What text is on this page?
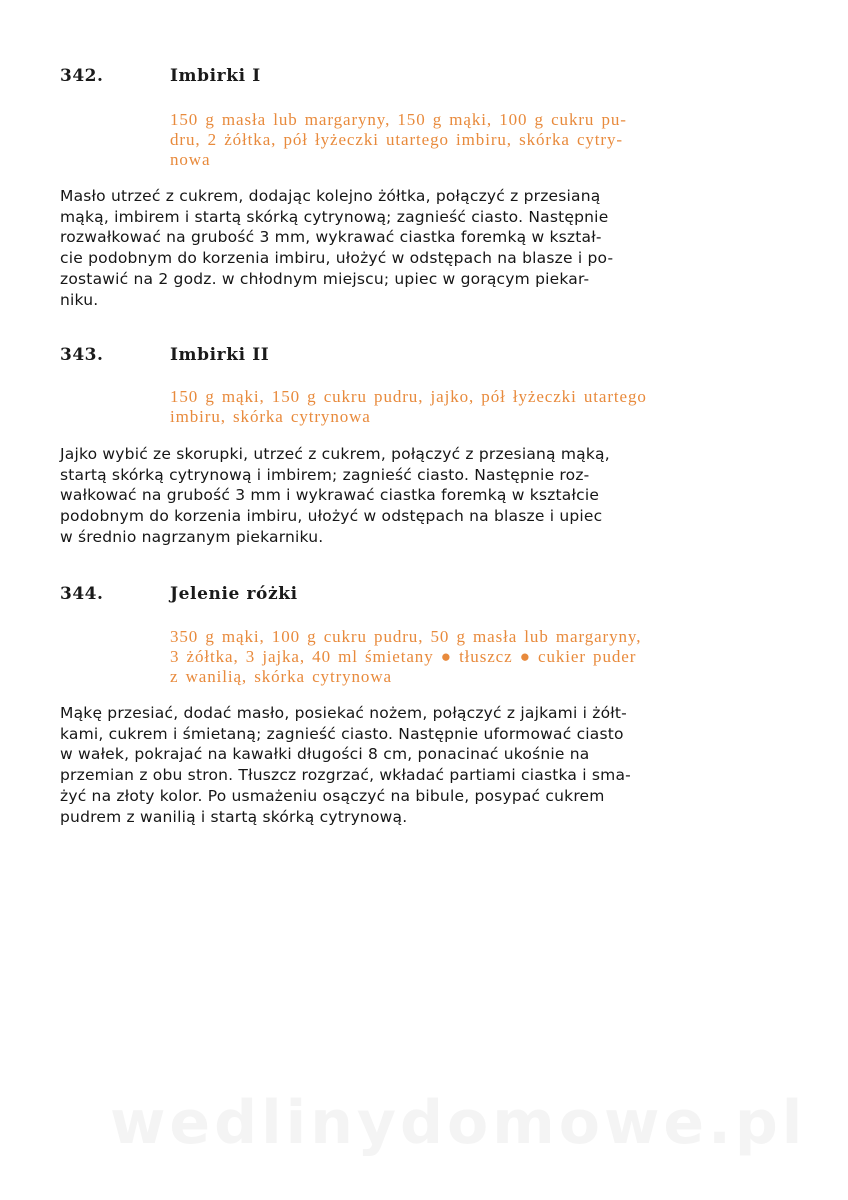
342.	Imbirki I
150 g masła lub margaryny, 150 g mąki, 100 g cukru pu-
dru, 2 żółtka, pół łyżeczki utartego imbiru, skórka cytry-
nowa
Masło utrzeć z cukrem, dodając kolejno żółtka, połączyć z przesianą
mąką, imbirem i startą skórką cytrynową; zagnieść ciasto. Następnie
rozwałkować na grubość 3 mm, wykrawać ciastka foremką w kształ-
cie podobnym do korzenia imbiru, ułożyć w odstępach na blasze i po-
zostawić na 2 godz. w chłodnym miejscu; upiec w gorącym piekar-
niku.
343.	Imbirki II
150 g mąki, 150 g cukru pudru, jajko, pół łyżeczki utartego
imbiru, skórka cytrynowa
Jajko wybić ze skorupki, utrzeć z cukrem, połączyć z przesianą mąką,
startą skórką cytrynową i imbirem; zagnieść ciasto. Następnie roz-
wałkować na grubość 3 mm i wykrawać ciastka foremką w kształcie
podobnym do korzenia imbiru, ułożyć w odstępach na blasze i upiec
w średnio nagrzanym piekarniku.
344.	Jelenie różki
350 g mąki, 100 g cukru pudru, 50 g masła lub margaryny,
3 żółtka, 3 jajka, 40 ml śmietany ● tłuszcz ● cukier puder
z wanilią, skórka cytrynowa
Mąkę przesiać, dodać masło, posiekać nożem, połączyć z jajkami i żółt-
kami, cukrem i śmietaną; zagnieść ciasto. Następnie uformować ciasto
w wałek, pokrajać na kawałki długości 8 cm, ponacinać ukośnie na
przemian z obu stron. Tłuszcz rozgrzać, wkładać partiami ciastka i sma-
żyć na złoty kolor. Po usmażeniu osączyć na bibule, posypać cukrem
pudrem z wanilią i startą skórką cytrynową.
wedlinydomowe.pl
